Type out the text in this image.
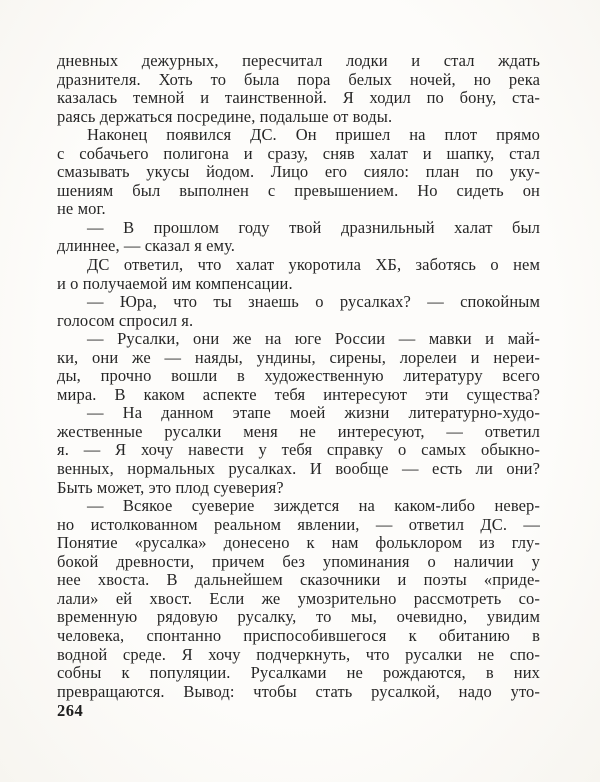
дневных дежурных, пересчитал лодки и стал ждать
дразнителя. Хоть то была пора белых ночей, но река
казалась темной и таинственной. Я ходил по бону, ста-
раясь держаться посредине, подальше от воды.
Наконец появился ДС. Он пришел на плот прямо
с собачьего полигона и сразу, сняв халат и шапку, стал
смазывать укусы йодом. Лицо его сияло: план по уку-
шениям был выполнен с превышением. Но сидеть он
не мог.
— В прошлом году твой дразнильный халат был
длиннее, — сказал я ему.
ДС ответил, что халат укоротила ХБ, заботясь о нем
и о получаемой им компенсации.
— Юра, что ты знаешь о русалках? — спокойным
голосом спросил я.
— Русалки, они же на юге России — мавки и май-
ки, они же — наяды, ундины, сирены, лорелеи и нереи-
ды, прочно вошли в художественную литературу всего
мира. В каком аспекте тебя интересуют эти существа?
— На данном этапе моей жизни литературно-худо-
жественные русалки меня не интересуют, — ответил
я. — Я хочу навести у тебя справку о самых обыкно-
венных, нормальных русалках. И вообще — есть ли они?
Быть может, это плод суеверия?
— Всякое суеверие зиждется на каком-либо невер-
но истолкованном реальном явлении, — ответил ДС. —
Понятие «русалка» донесено к нам фольклором из глу-
бокой древности, причем без упоминания о наличии у
нее хвоста. В дальнейшем сказочники и поэты «приде-
лали» ей хвост. Если же умозрительно рассмотреть со-
временную рядовую русалку, то мы, очевидно, увидим
человека, спонтанно приспособившегося к обитанию в
водной среде. Я хочу подчеркнуть, что русалки не спо-
собны к популяции. Русалками не рождаются, в них
превращаются. Вывод: чтобы стать русалкой, надо уто-
264
